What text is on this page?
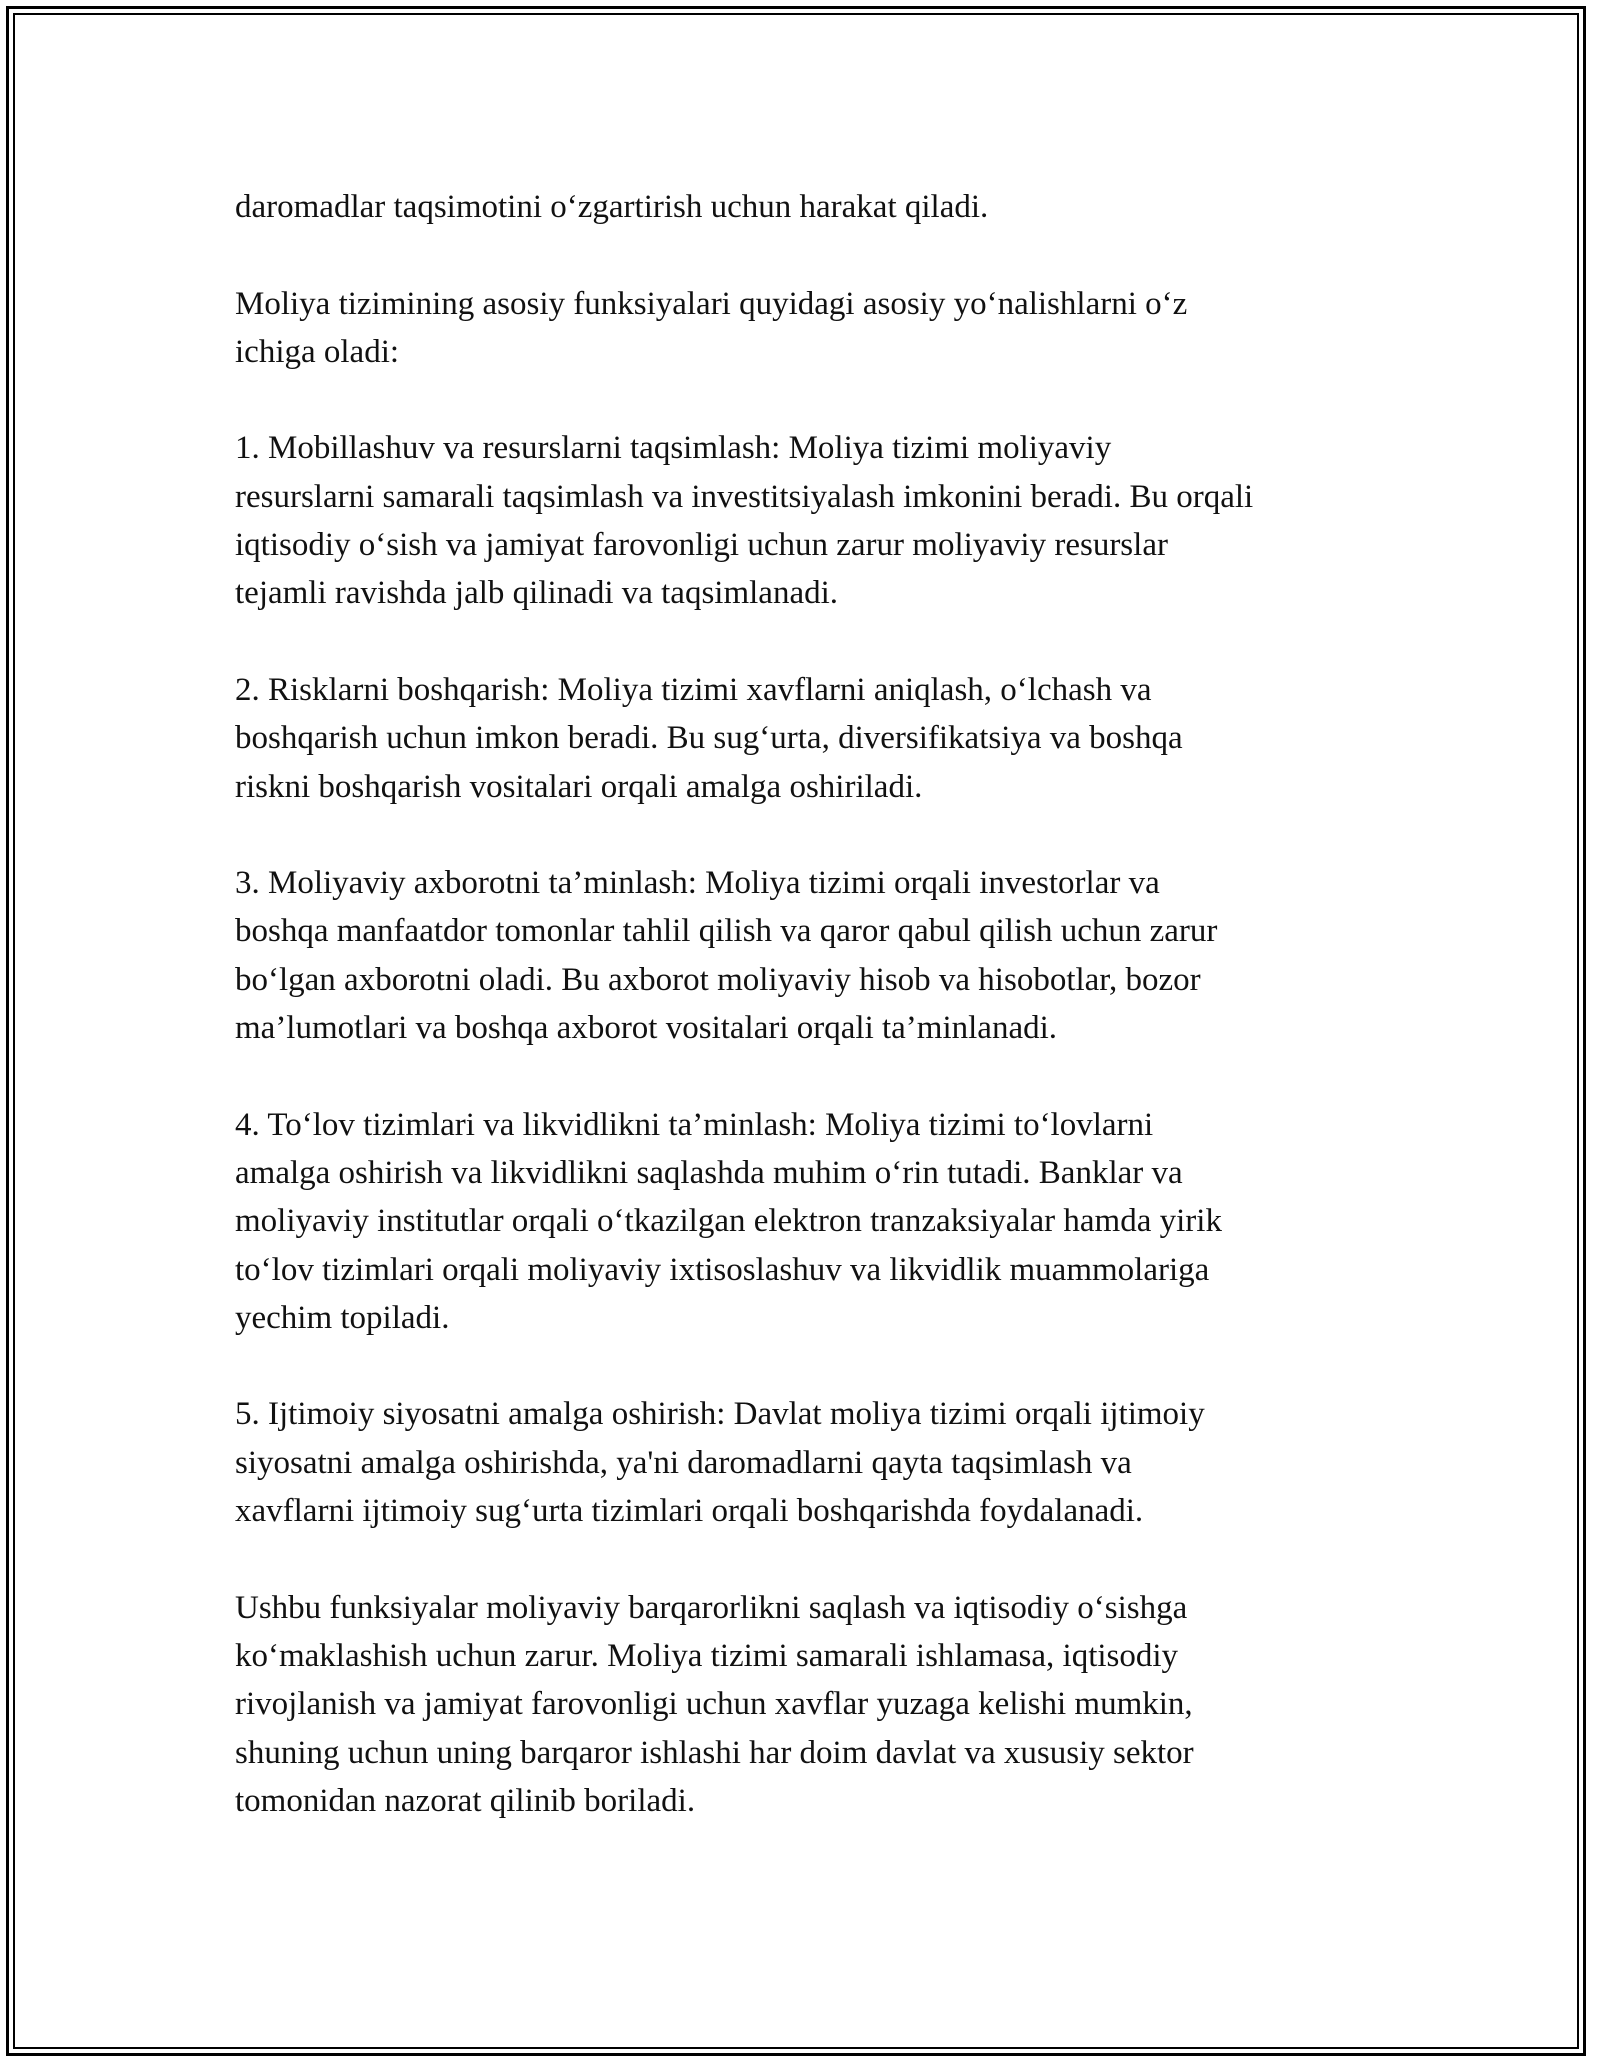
daromadlar taqsimotini o‘zgartirish uchun harakat qiladi.

Moliya tizimining asosiy funksiyalari quyidagi asosiy yo‘nalishlarni o‘z
ichiga oladi:

1. Mobillashuv va resurslarni taqsimlash: Moliya tizimi moliyaviy
resurslarni samarali taqsimlash va investitsiyalash imkonini beradi. Bu orqali
iqtisodiy o‘sish va jamiyat farovonligi uchun zarur moliyaviy resurslar
tejamli ravishda jalb qilinadi va taqsimlanadi.

2. Risklarni boshqarish: Moliya tizimi xavflarni aniqlash, o‘lchash va
boshqarish uchun imkon beradi. Bu sug‘urta, diversifikatsiya va boshqa
riskni boshqarish vositalari orqali amalga oshiriladi.

3. Moliyaviy axborotni ta’minlash: Moliya tizimi orqali investorlar va
boshqa manfaatdor tomonlar tahlil qilish va qaror qabul qilish uchun zarur
bo‘lgan axborotni oladi. Bu axborot moliyaviy hisob va hisobotlar, bozor
ma’lumotlari va boshqa axborot vositalari orqali ta’minlanadi.

4. To‘lov tizimlari va likvidlikni ta’minlash: Moliya tizimi to‘lovlarni
amalga oshirish va likvidlikni saqlashda muhim o‘rin tutadi. Banklar va
moliyaviy institutlar orqali o‘tkazilgan elektron tranzaksiyalar hamda yirik
to‘lov tizimlari orqali moliyaviy ixtisoslashuv va likvidlik muammolariga
yechim topiladi.

5. Ijtimoiy siyosatni amalga oshirish: Davlat moliya tizimi orqali ijtimoiy
siyosatni amalga oshirishda, ya'ni daromadlarni qayta taqsimlash va
xavflarni ijtimoiy sug‘urta tizimlari orqali boshqarishda foydalanadi.

Ushbu funksiyalar moliyaviy barqarorlikni saqlash va iqtisodiy o‘sishga
ko‘maklashish uchun zarur. Moliya tizimi samarali ishlamasa, iqtisodiy
rivojlanish va jamiyat farovonligi uchun xavflar yuzaga kelishi mumkin,
shuning uchun uning barqaror ishlashi har doim davlat va xususiy sektor
tomonidan nazorat qilinib boriladi.
